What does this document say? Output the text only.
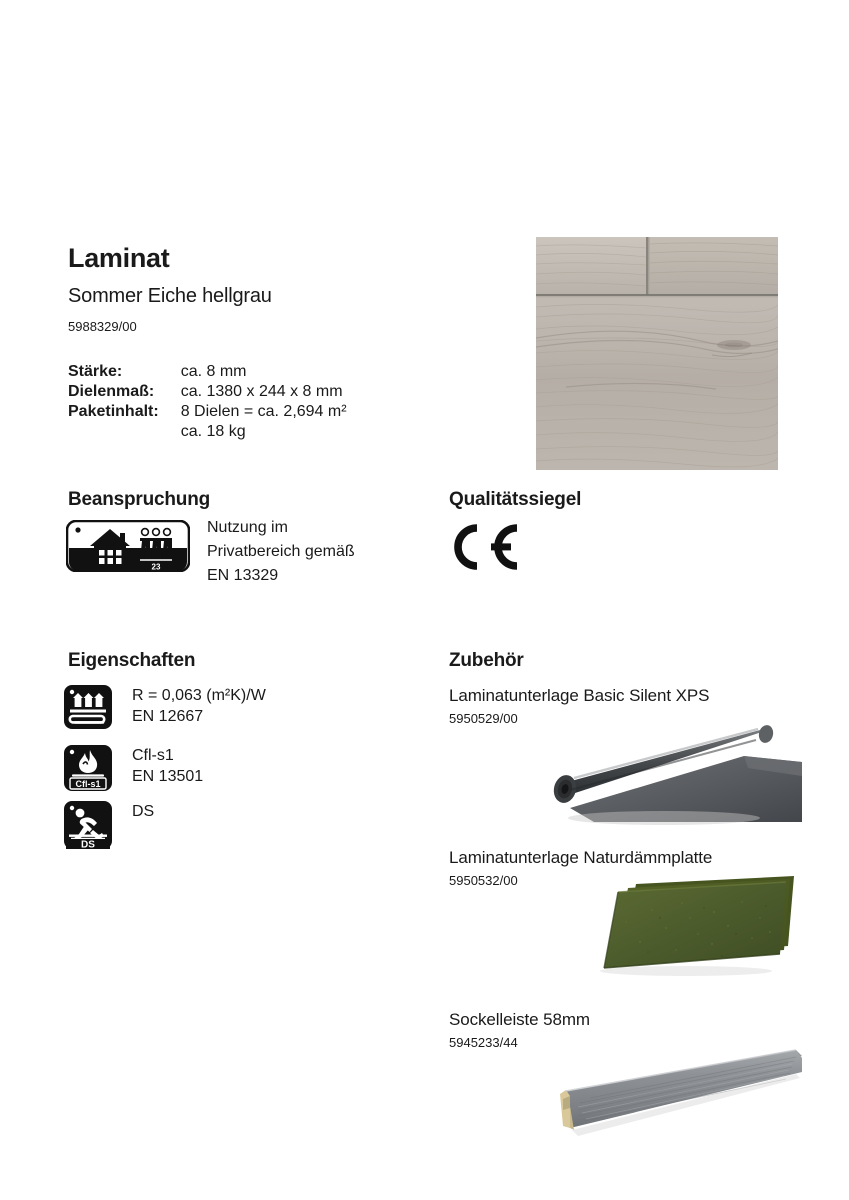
Laminat
Sommer Eiche hellgrau
5988329/00
Stärke:	ca. 8 mm
Dielenmaß:	ca. 1380 x 244 x 8 mm
Paketinhalt:	8 Dielen = ca. 2,694 m²
	ca. 18 kg
Beanspruchung
23
Nutzung im
Privatbereich gemäß
EN 13329
Qualitätssiegel
Eigenschaften
R = 0,063 (m²K)/W
EN 12667
Cfl-s1
Cfl-s1
EN 13501
DS
DS
Zubehör
Laminatunterlage Basic Silent XPS
5950529/00
Laminatunterlage Naturdämmplatte
5950532/00
Sockelleiste 58mm
5945233/44
